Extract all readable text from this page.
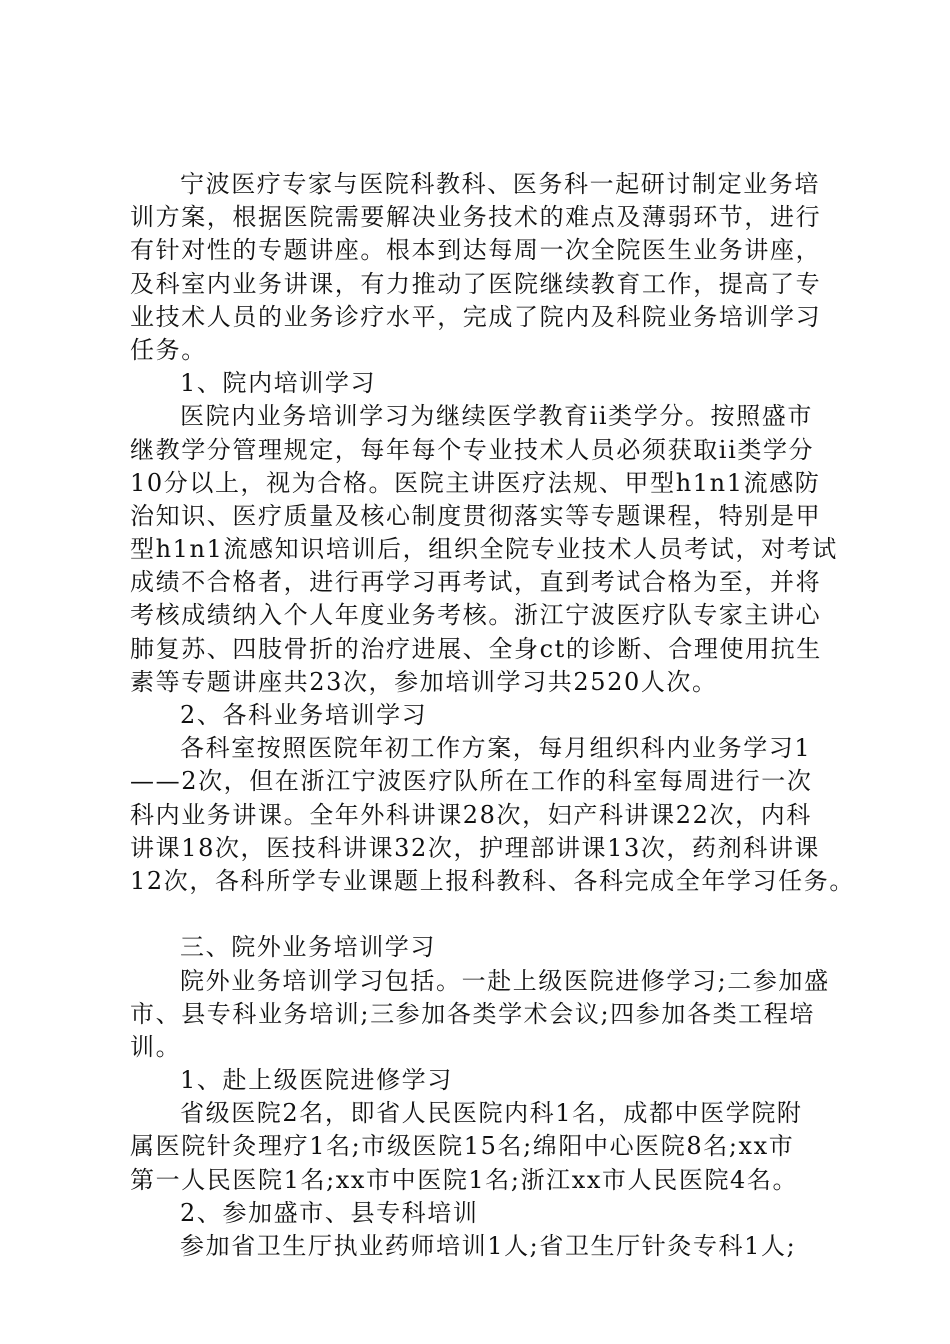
宁波医疗专家与医院科教科、医务科一起研讨制定业务培
训方案，根据医院需要解决业务技术的难点及薄弱环节，进行
有针对性的专题讲座。根本到达每周一次全院医生业务讲座，
及科室内业务讲课，有力推动了医院继续教育工作，提高了专
业技术人员的业务诊疗水平，完成了院内及科院业务培训学习
任务。
1、院内培训学习
医院内业务培训学习为继续医学教育ii类学分。按照盛市
继教学分管理规定，每年每个专业技术人员必须获取ii类学分
10分以上，视为合格。医院主讲医疗法规、甲型h1n1流感防
治知识、医疗质量及核心制度贯彻落实等专题课程，特别是甲
型h1n1流感知识培训后，组织全院专业技术人员考试，对考试
成绩不合格者，进行再学习再考试，直到考试合格为至，并将
考核成绩纳入个人年度业务考核。浙江宁波医疗队专家主讲心
肺复苏、四肢骨折的治疗进展、全身ct的诊断、合理使用抗生
素等专题讲座共23次，参加培训学习共2520人次。
2、各科业务培训学习
各科室按照医院年初工作方案，每月组织科内业务学习1
——2次，但在浙江宁波医疗队所在工作的科室每周进行一次
科内业务讲课。全年外科讲课28次，妇产科讲课22次，内科
讲课18次，医技科讲课32次，护理部讲课13次，药剂科讲课
12次，各科所学专业课题上报科教科、各科完成全年学习任务。
三、院外业务培训学习
院外业务培训学习包括。一赴上级医院进修学习;二参加盛
市、县专科业务培训;三参加各类学术会议;四参加各类工程培
训。
1、赴上级医院进修学习
省级医院2名，即省人民医院内科1名，成都中医学院附
属医院针灸理疗1名;市级医院15名;绵阳中心医院8名;xx市
第一人民医院1名;xx市中医院1名;浙江xx市人民医院4名。
2、参加盛市、县专科培训
参加省卫生厅执业药师培训1人;省卫生厅针灸专科1人;
